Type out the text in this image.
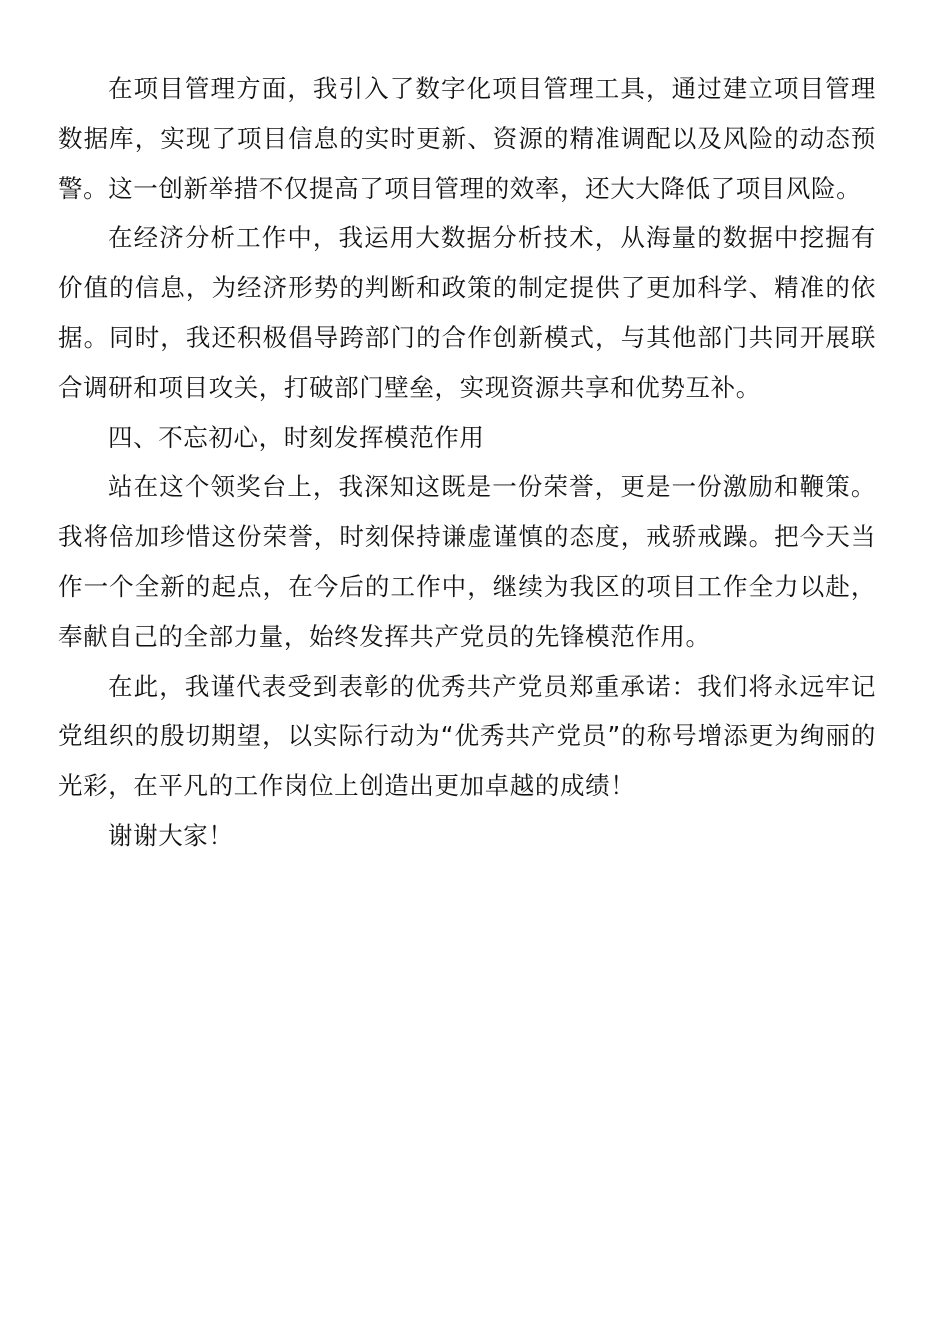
在项目管理方面，我引入了数字化项目管理工具，通过建立项目管理数据库，实现了项目信息的实时更新、资源的精准调配以及风险的动态预警。这一创新举措不仅提高了项目管理的效率，还大大降低了项目风险。

在经济分析工作中，我运用大数据分析技术，从海量的数据中挖掘有价值的信息，为经济形势的判断和政策的制定提供了更加科学、精准的依据。同时，我还积极倡导跨部门的合作创新模式，与其他部门共同开展联合调研和项目攻关，打破部门壁垒，实现资源共享和优势互补。

四、不忘初心，时刻发挥模范作用

站在这个领奖台上，我深知这既是一份荣誉，更是一份激励和鞭策。我将倍加珍惜这份荣誉，时刻保持谦虚谨慎的态度，戒骄戒躁。把今天当作一个全新的起点，在今后的工作中，继续为我区的项目工作全力以赴，奉献自己的全部力量，始终发挥共产党员的先锋模范作用。

在此，我谨代表受到表彰的优秀共产党员郑重承诺：我们将永远牢记党组织的殷切期望，以实际行动为“优秀共产党员”的称号增添更为绚丽的光彩，在平凡的工作岗位上创造出更加卓越的成绩！

谢谢大家！
